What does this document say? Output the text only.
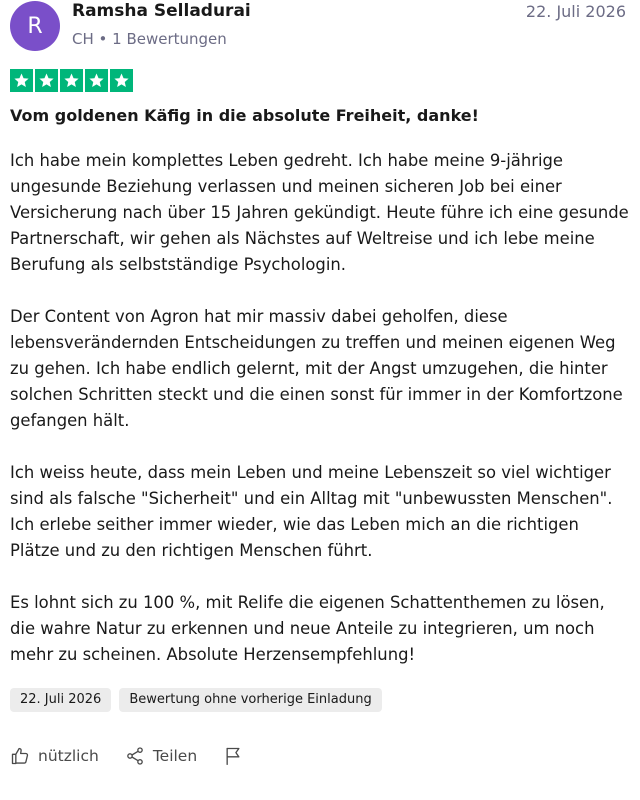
R
Ramsha Selladurai
CH • 1 Bewertungen
22. Juli 2026
Vom goldenen Käfig in die absolute Freiheit, danke!

Ich habe mein komplettes Leben gedreht. Ich habe meine 9-jährige ungesunde Beziehung verlassen und meinen sicheren Job bei einer Versicherung nach über 15 Jahren gekündigt. Heute führe ich eine gesunde Partnerschaft, wir gehen als Nächstes auf Weltreise und ich lebe meine Berufung als selbstständige Psychologin.

Der Content von Agron hat mir massiv dabei geholfen, diese lebensverändernden Entscheidungen zu treffen und meinen eigenen Weg zu gehen. Ich habe endlich gelernt, mit der Angst umzugehen, die hinter solchen Schritten steckt und die einen sonst für immer in der Komfortzone gefangen hält.

Ich weiss heute, dass mein Leben und meine Lebenszeit so viel wichtiger sind als falsche "Sicherheit" und ein Alltag mit "unbewussten Menschen". Ich erlebe seither immer wieder, wie das Leben mich an die richtigen Plätze und zu den richtigen Menschen führt.

Es lohnt sich zu 100 %, mit Relife die eigenen Schattenthemen zu lösen, die wahre Natur zu erkennen und neue Anteile zu integrieren, um noch mehr zu scheinen. Absolute Herzensempfehlung!

22. Juli 2026	Bewertung ohne vorherige Einladung
nützlich	Teilen
